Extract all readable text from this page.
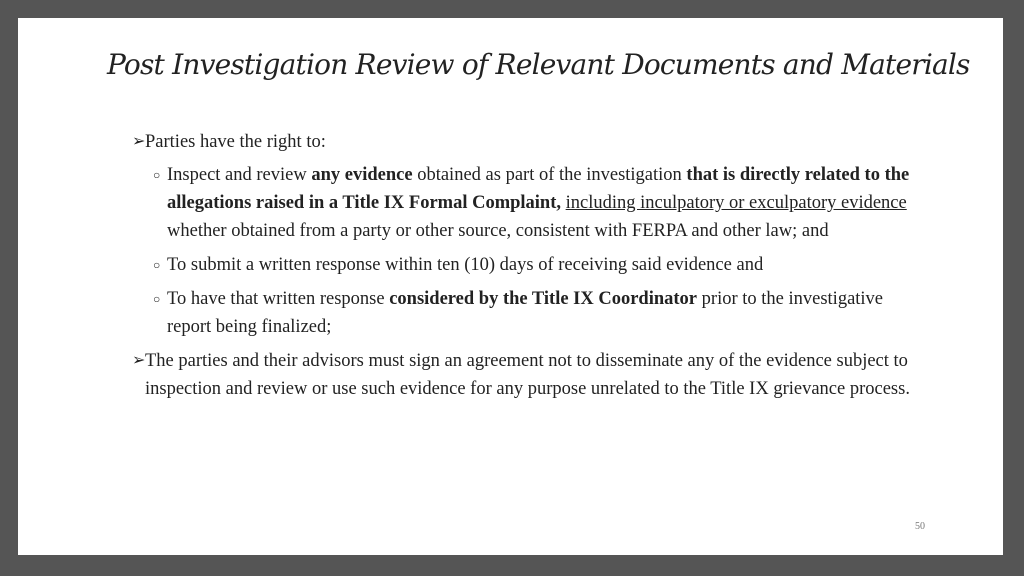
Post Investigation Review of Relevant Documents and Materials
➢ Parties have the right to:
○ Inspect and review any evidence obtained as part of the investigation that is directly related to the allegations raised in a Title IX Formal Complaint, including inculpatory or exculpatory evidence whether obtained from a party or other source, consistent with FERPA and other law; and
○ To submit a written response within ten (10) days of receiving said evidence and
○ To have that written response considered by the Title IX Coordinator prior to the investigative report being finalized;
➢ The parties and their advisors must sign an agreement not to disseminate any of the evidence subject to inspection and review or use such evidence for any purpose unrelated to the Title IX grievance process.
50
